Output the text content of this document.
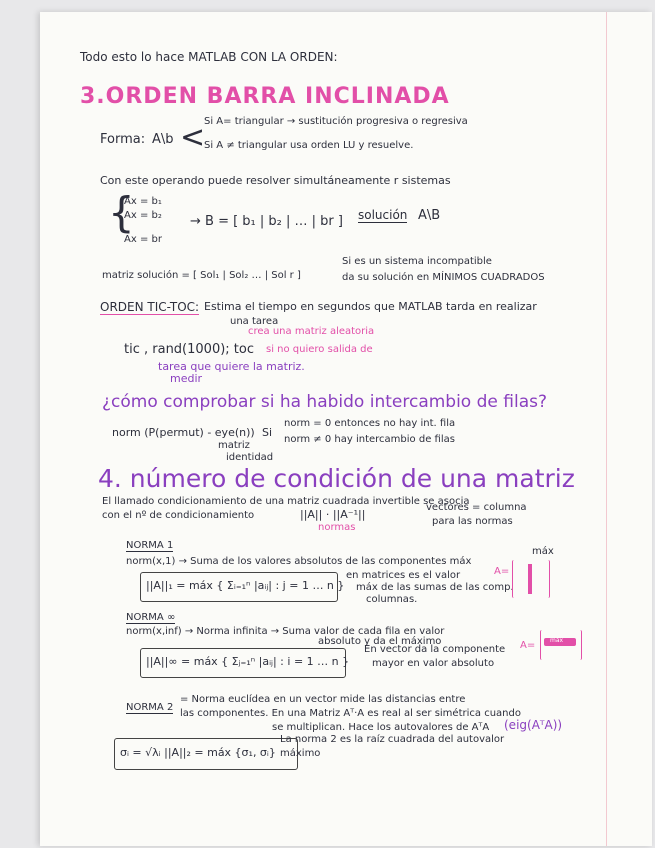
Todo esto lo hace MATLAB CON LA ORDEN:
3.ORDEN BARRA INCLINADA
Forma: A\b <
Si A= triangular → sustitución progresiva o regresiva
Si A ≠ triangular usa orden LU y resuelve.
Con este operando puede resolver simultáneamente r sistemas
{
Ax = b₁
Ax = b₂
Ax = br
→ B = [ b₁ | b₂ | … | br ] solución A\B
matriz solución = [ Sol₁ | Sol₂ … | Sol r ]
Si es un sistema incompatible
da su solución en MÍNIMOS CUADRADOS
ORDEN TIC-TOC: Estima el tiempo en segundos que MATLAB tarda en realizar
una tarea
crea una matriz aleatoria
tic , rand(1000); toc si no quiero salida de
tarea que quiere la matriz.
medir
¿cómo comprobar si ha habido intercambio de filas?
norm (P(permut) - eye(n)) Si
norm = 0 entonces no hay int. fila
norm ≠ 0 hay intercambio de filas
matriz
identidad
4. número de condición de una matriz
El llamado condicionamiento de una matriz cuadrada invertible se asocia
con el nº de condicionamiento	||A|| · ||A⁻¹||
normas
vectores = columna
para las normas
NORMA 1
norm(x,1) → Suma de los valores absolutos de las componentes máx
||A||₁ = máx { Σᵢ₌₁ⁿ |aᵢⱼ| : j = 1 … n }
en matrices es el valor
máx de las sumas de las comp.
columnas.
A=
máx
NORMA ∞
norm(x,inf) → Norma infinita → Suma valor de cada fila en valor
absoluto y da el máximo
||A||∞ = máx { Σⱼ₌₁ⁿ |aᵢⱼ| : i = 1 … n }
En vector da la componente
mayor en valor absoluto
A= máx
NORMA 2
= Norma euclídea en un vector mide las distancias entre
las componentes. En una Matriz Aᵀ·A es real al ser simétrica cuando
se multiplican. Hace los autovalores de AᵀA (eig(AᵀA))
σᵢ = √λᵢ ||A||₂ = máx {σ₁, σᵢ}
La norma 2 es la raíz cuadrada del autovalor
máximo
